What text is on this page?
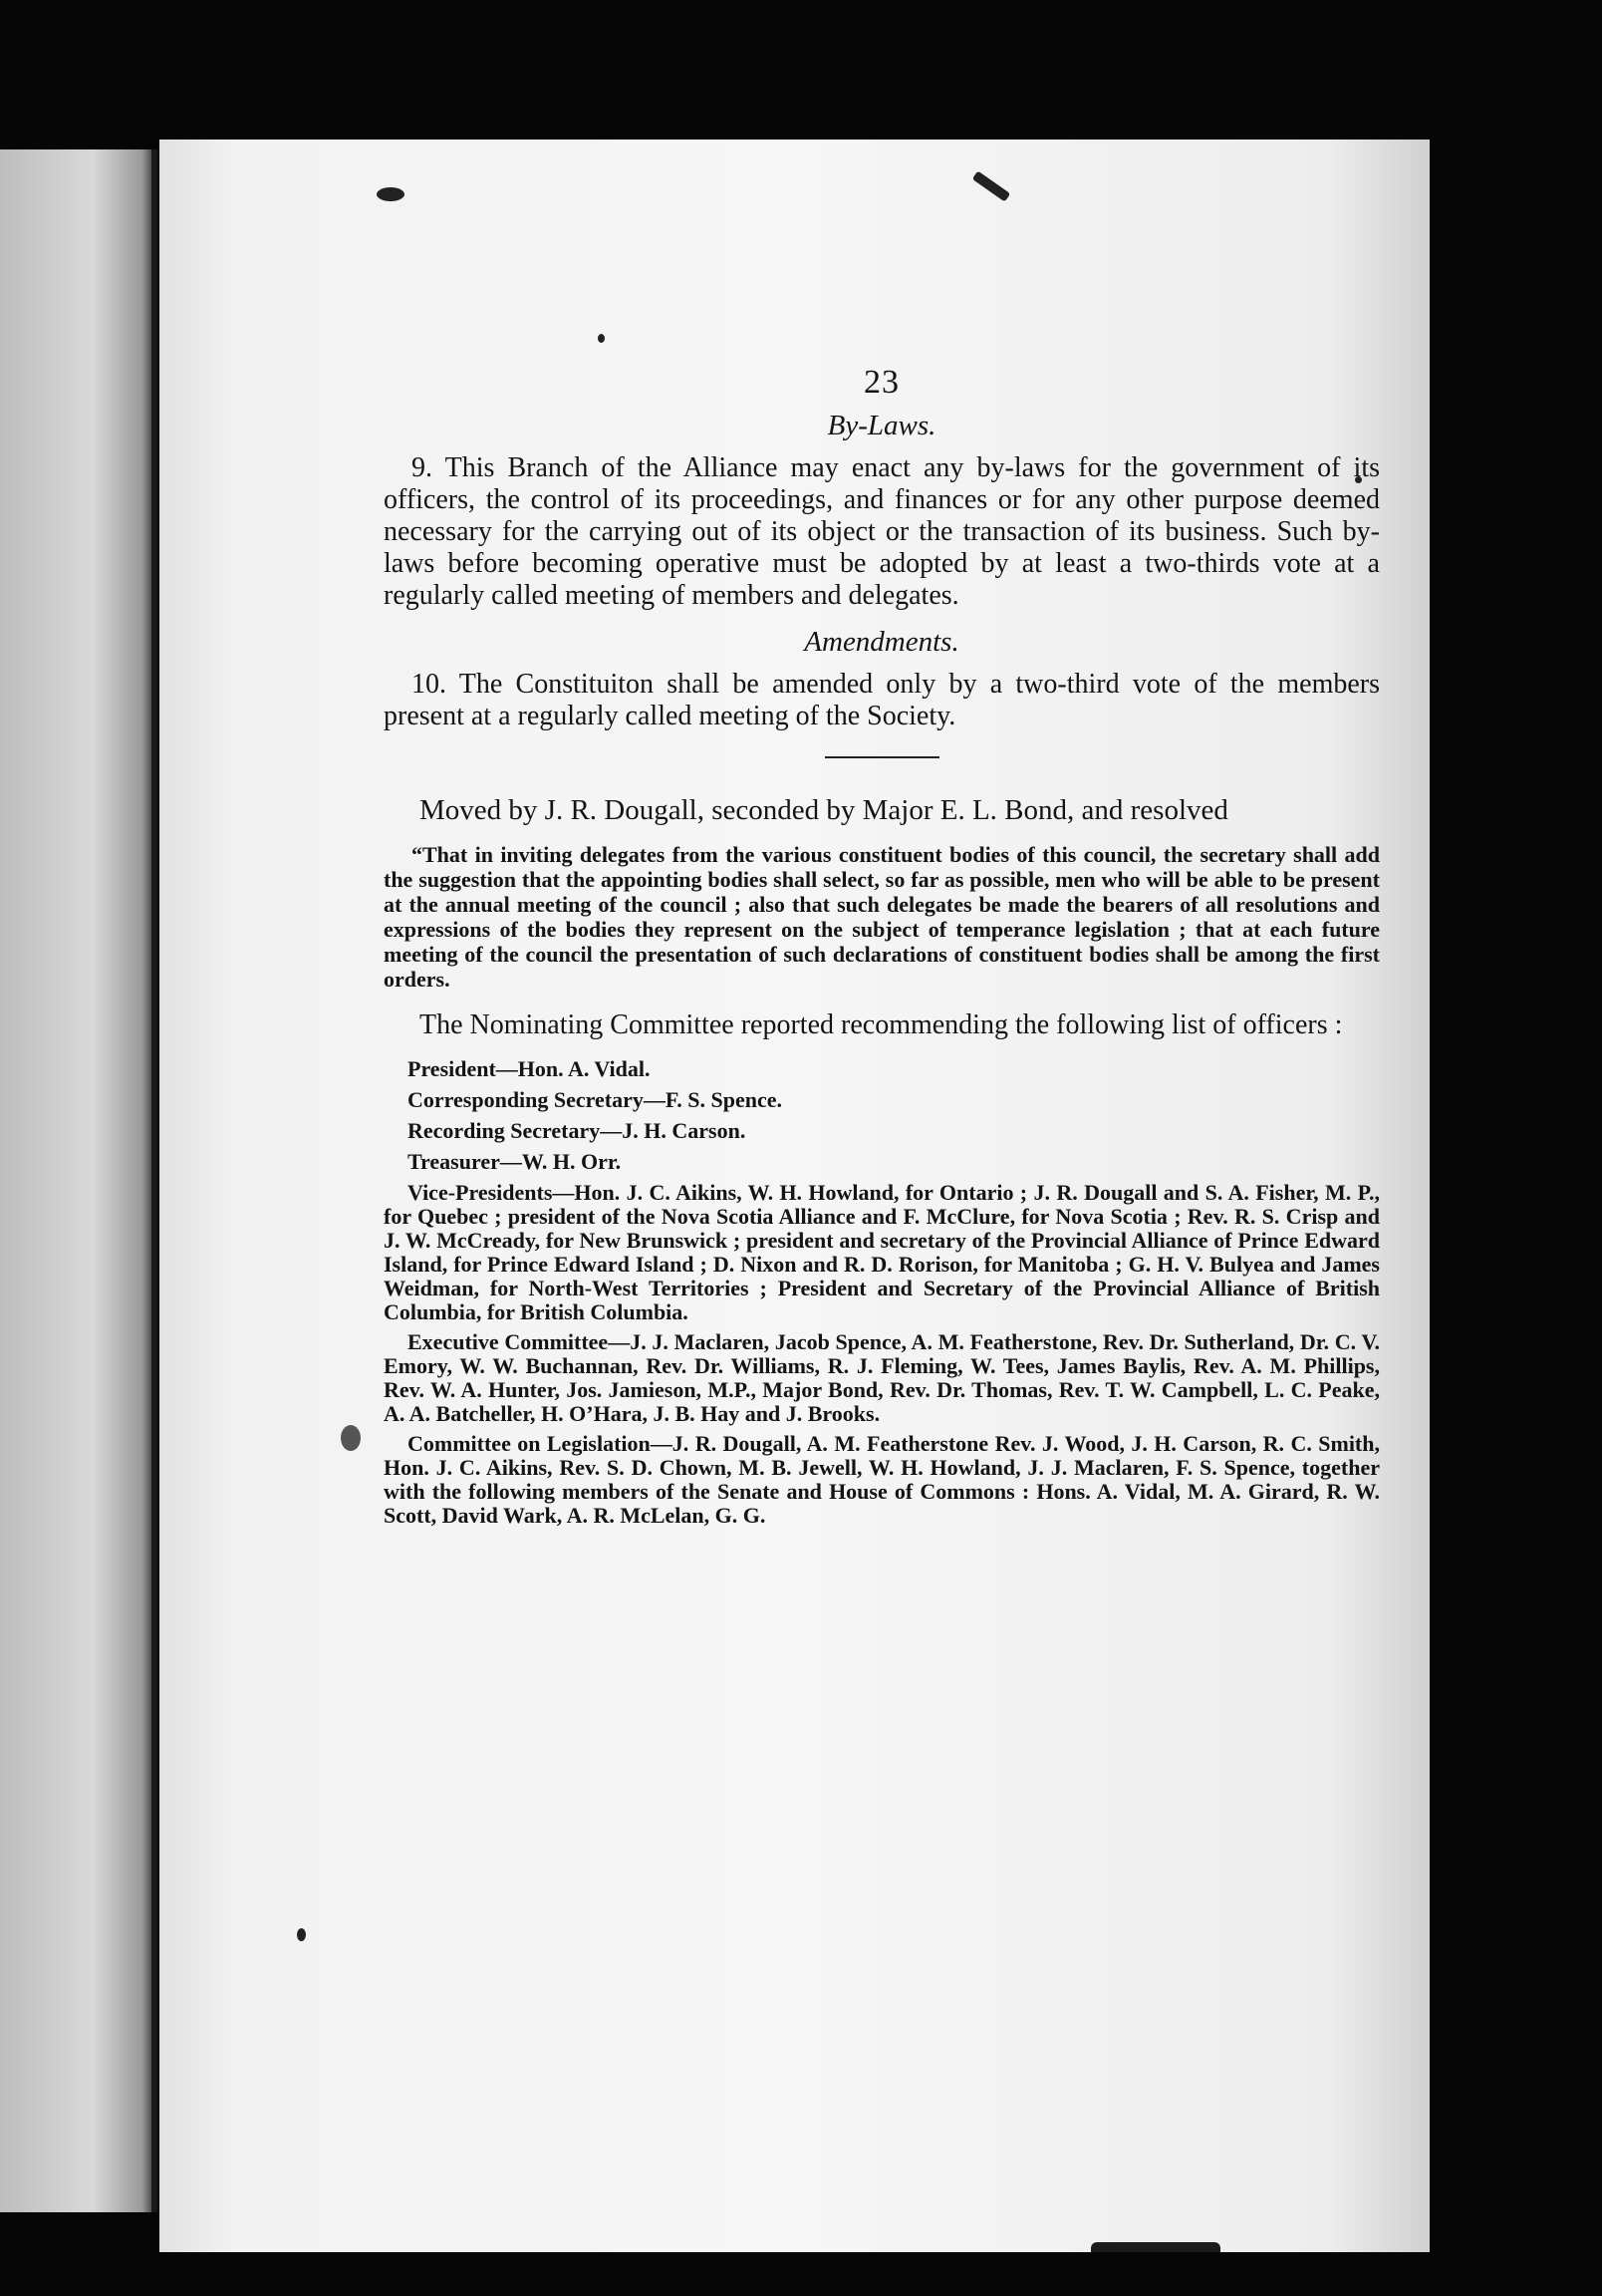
23
By-Laws.

9. This Branch of the Alliance may enact any by-laws for the government of its officers, the control of its proceedings, and finances or for any other purpose deemed necessary for the carrying out of its object or the transaction of its business. Such by-laws before becoming operative must be adopted by at least a two-thirds vote at a regularly called meeting of members and delegates.

Amendments.

10. The Constituiton shall be amended only by a two-third vote of the members present at a regularly called meeting of the Society.

Moved by J. R. Dougall, seconded by Major E. L. Bond, and resolved

“That in inviting delegates from the various constituent bodies of this council, the secretary shall add the suggestion that the appointing bodies shall select, so far as possible, men who will be able to be present at the annual meeting of the council ; also that such delegates be made the bearers of all resolutions and expressions of the bodies they represent on the subject of temperance legislation ; that at each future meeting of the council the presentation of such declarations of constituent bodies shall be among the first orders.

The Nominating Committee reported recommending the following list of officers :

President—Hon. A. Vidal.

Corresponding Secretary—F. S. Spence.

Recording Secretary—J. H. Carson.

Treasurer—W. H. Orr.

Vice-Presidents—Hon. J. C. Aikins, W. H. Howland, for Ontario ; J. R. Dougall and S. A. Fisher, M. P., for Quebec ; president of the Nova Scotia Alliance and F. McClure, for Nova Scotia ; Rev. R. S. Crisp and J. W. McCready, for New Brunswick ; president and secretary of the Provincial Alliance of Prince Edward Island, for Prince Edward Island ; D. Nixon and R. D. Rorison, for Manitoba ; G. H. V. Bulyea and James Weidman, for North-West Territories ; President and Secretary of the Provincial Alliance of British Columbia, for British Columbia.

Executive Committee—J. J. Maclaren, Jacob Spence, A. M. Featherstone, Rev. Dr. Sutherland, Dr. C. V. Emory, W. W. Buchannan, Rev. Dr. Williams, R. J. Fleming, W. Tees, James Baylis, Rev. A. M. Phillips, Rev. W. A. Hunter, Jos. Jamieson, M.P., Major Bond, Rev. Dr. Thomas, Rev. T. W. Campbell, L. C. Peake, A. A. Batcheller, H. O’Hara, J. B. Hay and J. Brooks.

Committee on Legislation—J. R. Dougall, A. M. Featherstone Rev. J. Wood, J. H. Carson, R. C. Smith, Hon. J. C. Aikins, Rev. S. D. Chown, M. B. Jewell, W. H. Howland, J. J. Maclaren, F. S. Spence, together with the following members of the Senate and House of Commons : Hons. A. Vidal, M. A. Girard, R. W. Scott, David Wark, A. R. McLelan, G. G.
